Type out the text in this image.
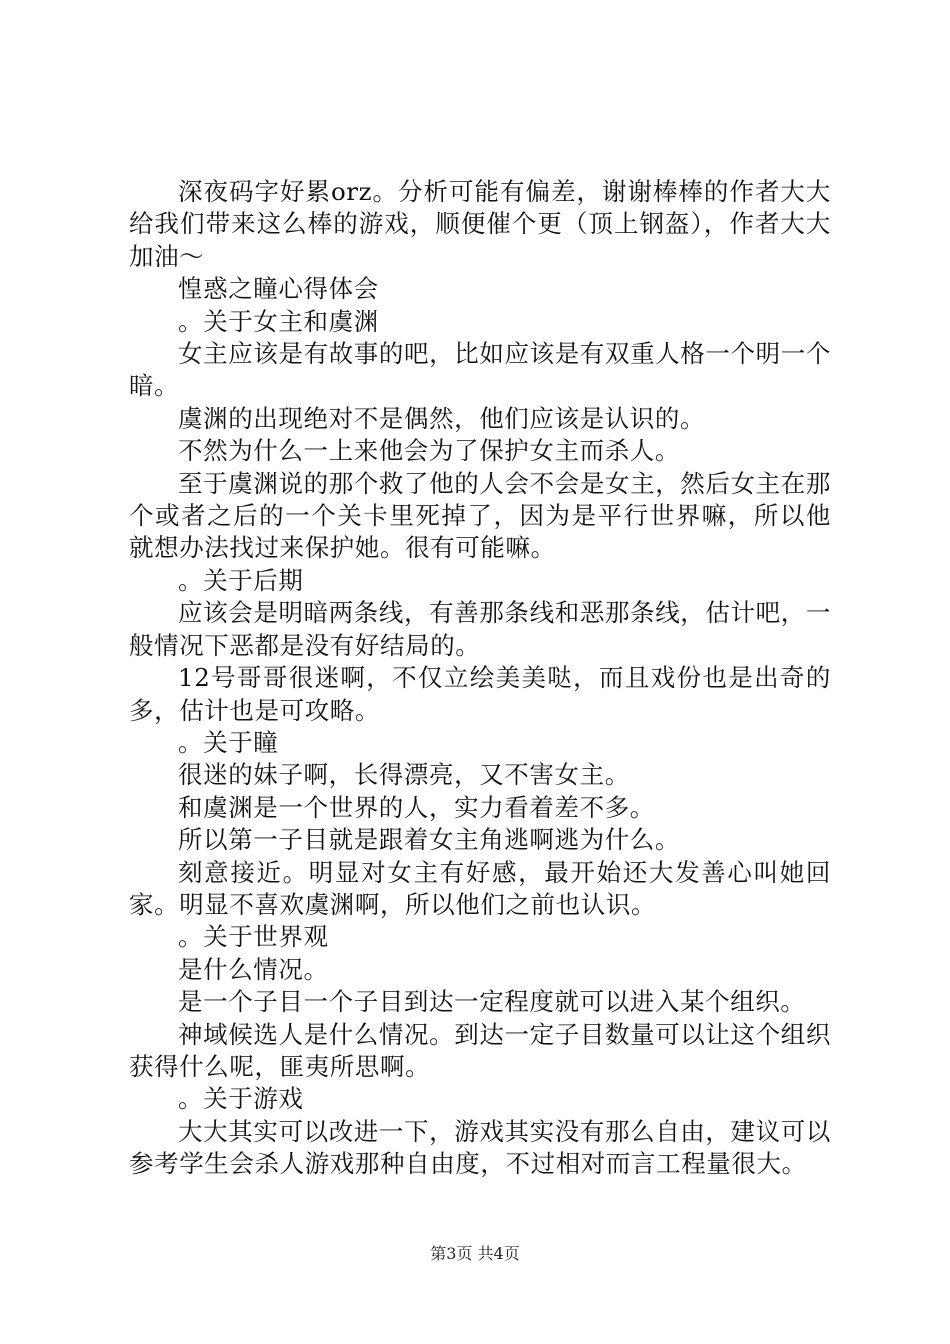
深夜码字好累orz。分析可能有偏差，谢谢棒棒的作者大大给我们带来这么棒的游戏，顺便催个更（顶上钢盔），作者大大加油～

惶惑之瞳心得体会

。关于女主和虞渊

女主应该是有故事的吧，比如应该是有双重人格一个明一个暗。

虞渊的出现绝对不是偶然，他们应该是认识的。

不然为什么一上来他会为了保护女主而杀人。

至于虞渊说的那个救了他的人会不会是女主，然后女主在那个或者之后的一个关卡里死掉了，因为是平行世界嘛，所以他就想办法找过来保护她。很有可能嘛。

。关于后期

应该会是明暗两条线，有善那条线和恶那条线，估计吧，一般情况下恶都是没有好结局的。

12号哥哥很迷啊，不仅立绘美美哒，而且戏份也是出奇的多，估计也是可攻略。

。关于瞳

很迷的妹子啊，长得漂亮，又不害女主。

和虞渊是一个世界的人，实力看着差不多。

所以第一子目就是跟着女主角逃啊逃为什么。

刻意接近。明显对女主有好感，最开始还大发善心叫她回家。明显不喜欢虞渊啊，所以他们之前也认识。

。关于世界观

是什么情况。

是一个子目一个子目到达一定程度就可以进入某个组织。

神域候选人是什么情况。到达一定子目数量可以让这个组织获得什么呢，匪夷所思啊。

。关于游戏

大大其实可以改进一下，游戏其实没有那么自由，建议可以参考学生会杀人游戏那种自由度，不过相对而言工程量很大。

第3页 共4页
